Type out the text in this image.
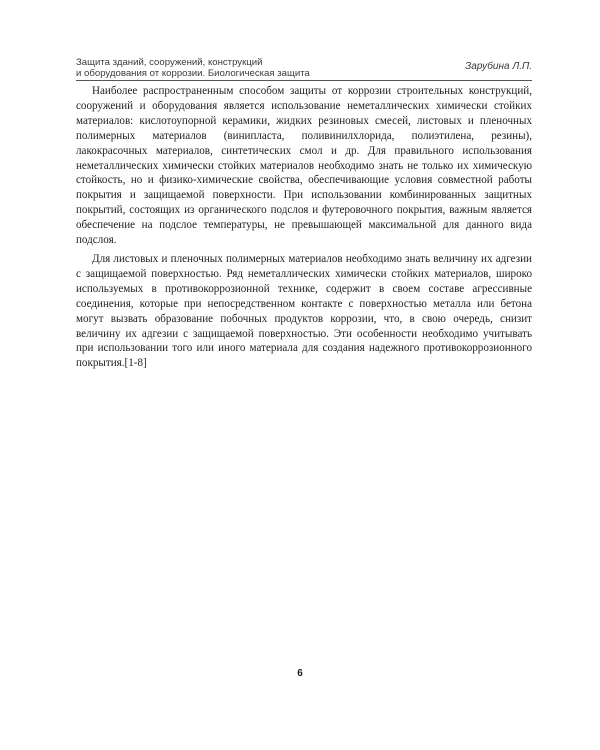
Защита зданий, сооружений, конструкций
и оборудования от коррозии. Биологическая защита
Зарубина Л.П.

Наиболее распространенным способом защиты от коррозии строительных конструкций, сооружений и оборудования является использование неметаллических химически стойких материалов: кислотоупорной керамики, жидких резиновых смесей, листовых и пленочных полимерных материалов (винипласта, поливинилхлорида, полиэтилена, резины), лакокрасочных материалов, синтетических смол и др. Для правильного использования неметаллических химически стойких материалов необходимо знать не только их химическую стойкость, но и физико-химические свойства, обеспечивающие условия совместной работы покрытия и защищаемой поверхности. При использовании комбинированных защитных покрытий, состоящих из органического подслоя и футеровочного покрытия, важным является обеспечение на подслое температуры, не превышающей максимальной для данного вида подслоя.

Для листовых и пленочных полимерных материалов необходимо знать величину их адгезии с защищаемой поверхностью. Ряд неметаллических химически стойких материалов, широко используемых в противокоррозионной технике, содержит в своем составе агрессивные соединения, которые при непосредственном контакте с поверхностью металла или бетона могут вызвать образование побочных продуктов коррозии, что, в свою очередь, снизит величину их адгезии с защищаемой поверхностью. Эти особенности необходимо учитывать при использовании того или иного материала для создания надежного противокоррозионного покрытия.[1-8]

6
